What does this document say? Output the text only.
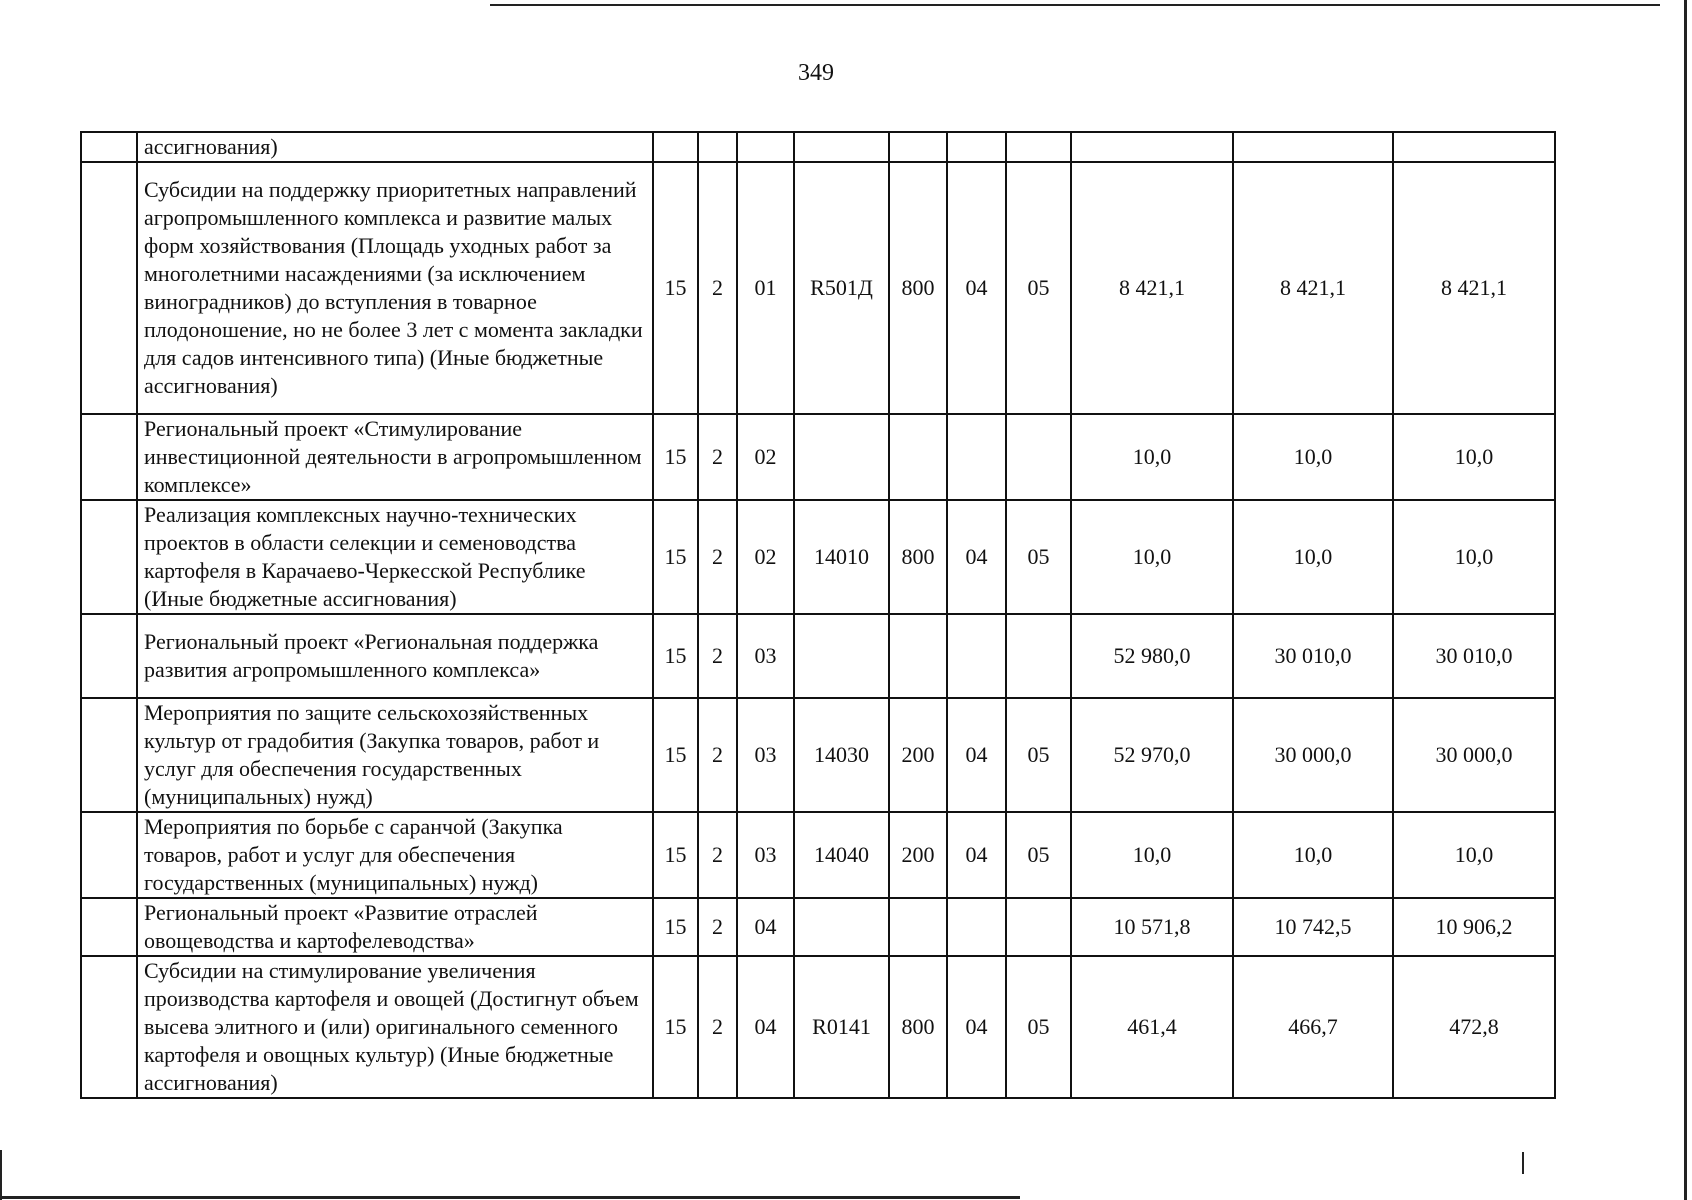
349
	ассигнования)										
	Субсидии на поддержку приоритетных направлений агропромышленного комплекса и развитие малых форм хозяйствования (Площадь уходных работ за многолетними насаждениями (за исключением виноградников) до вступления в товарное плодоношение, но не более 3 лет с момента закладки для садов интенсивного типа) (Иные бюджетные ассигнования)	15	2	01	R501Д	800	04	05	8 421,1	8 421,1	8 421,1
	Региональный проект «Стимулирование инвестиционной деятельности в агропромышленном комплексе»	15	2	02					10,0	10,0	10,0
	Реализация комплексных научно-технических проектов в области селекции и семеноводства картофеля в Карачаево-Черкесской Республике (Иные бюджетные ассигнования)	15	2	02	14010	800	04	05	10,0	10,0	10,0
	Региональный проект «Региональная поддержка развития агропромышленного комплекса»	15	2	03					52 980,0	30 010,0	30 010,0
	Мероприятия по защите сельскохозяйственных культур от градобития (Закупка товаров, работ и услуг для обеспечения государственных (муниципальных) нужд)	15	2	03	14030	200	04	05	52 970,0	30 000,0	30 000,0
	Мероприятия по борьбе с саранчой (Закупка товаров, работ и услуг для обеспечения государственных (муниципальных) нужд)	15	2	03	14040	200	04	05	10,0	10,0	10,0
	Региональный проект «Развитие отраслей овощеводства и картофелеводства»	15	2	04					10 571,8	10 742,5	10 906,2
	Субсидии на стимулирование увеличения производства картофеля и овощей (Достигнут объем высева элитного и (или) оригинального семенного картофеля и овощных культур) (Иные бюджетные ассигнования)	15	2	04	R0141	800	04	05	461,4	466,7	472,8
